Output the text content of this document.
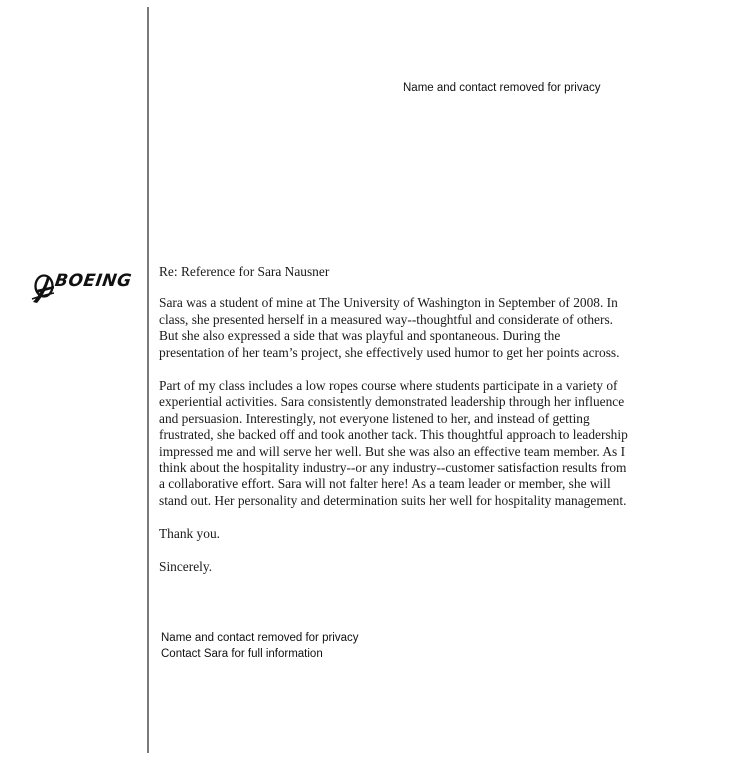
Name and contact removed for privacy
BOEING Re: Reference for Sara Nausner

Sara was a student of mine at The University of Washington in September of 2008. In class, she presented herself in a measured way--thoughtful and considerate of others. But she also expressed a side that was playful and spontaneous. During the presentation of her team’s project, she effectively used humor to get her points across.

Part of my class includes a low ropes course where students participate in a variety of experiential activities. Sara consistently demonstrated leadership through her influence and persuasion. Interestingly, not everyone listened to her, and instead of getting frustrated, she backed off and took another tack. This thoughtful approach to leadership impressed me and will serve her well. But she was also an effective team member. As I think about the hospitality industry--or any industry--customer satisfaction results from a collaborative effort. Sara will not falter here! As a team leader or member, she will stand out. Her personality and determination suits her well for hospitality management.

Thank you.

Sincerely.

Name and contact removed for privacy
Contact Sara for full information
